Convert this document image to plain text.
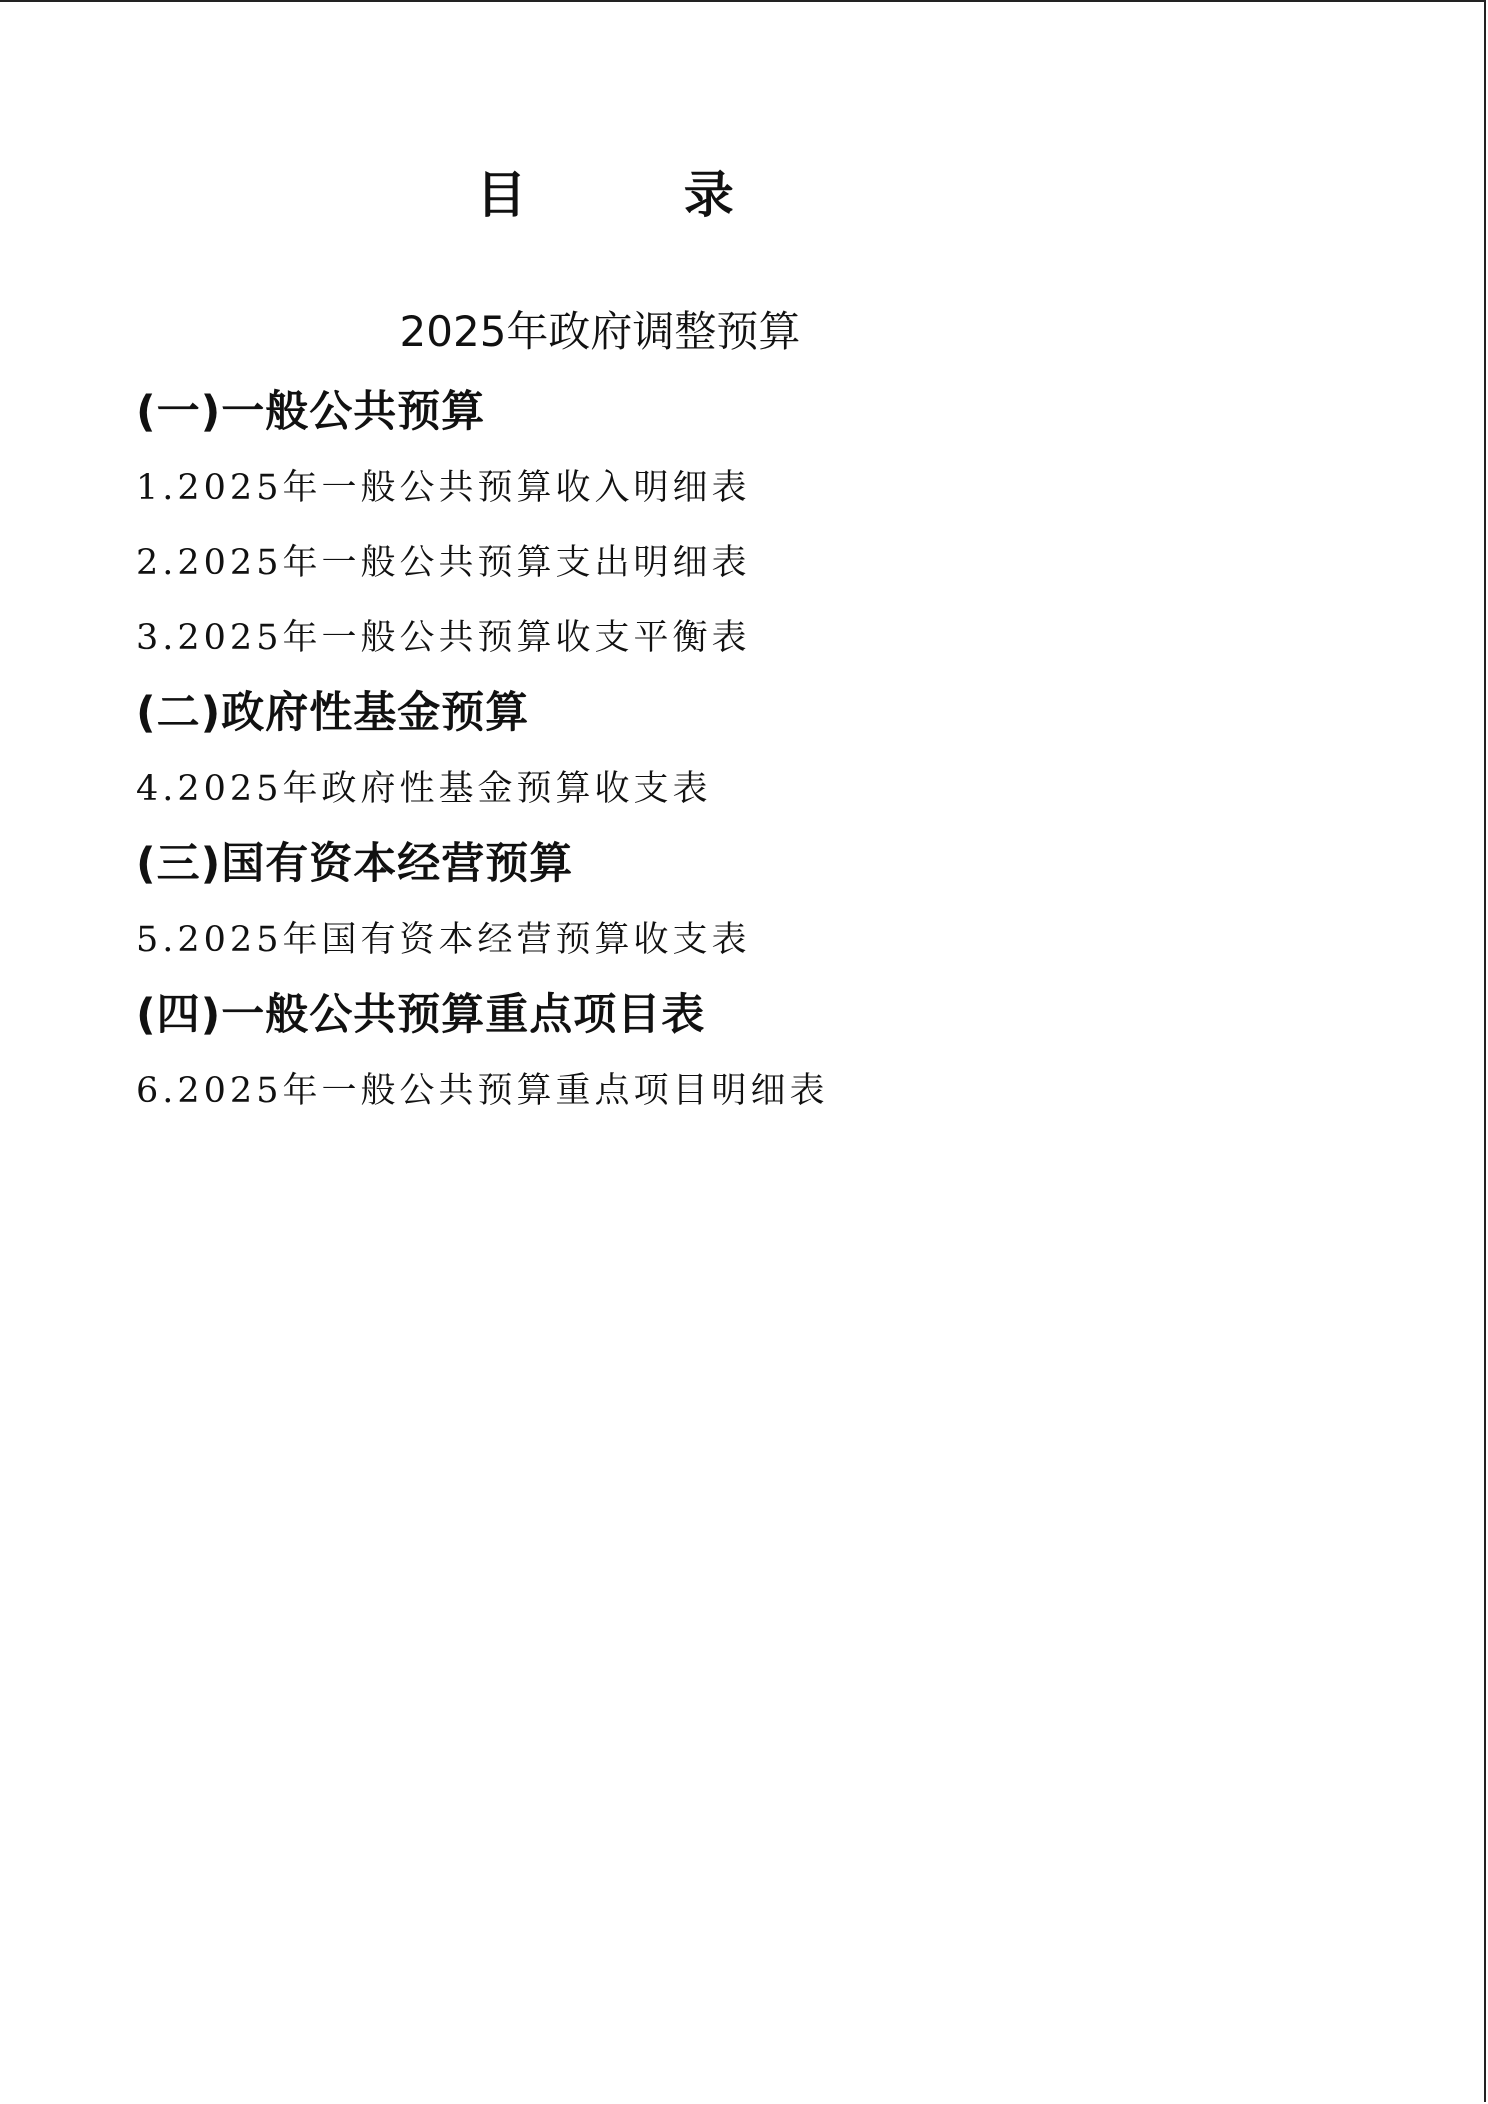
目 录
2025年政府调整预算
(一)一般公共预算
1.2025年一般公共预算收入明细表
2.2025年一般公共预算支出明细表
3.2025年一般公共预算收支平衡表
(二)政府性基金预算
4.2025年政府性基金预算收支表
(三)国有资本经营预算
5.2025年国有资本经营预算收支表
(四)一般公共预算重点项目表
6.2025年一般公共预算重点项目明细表
